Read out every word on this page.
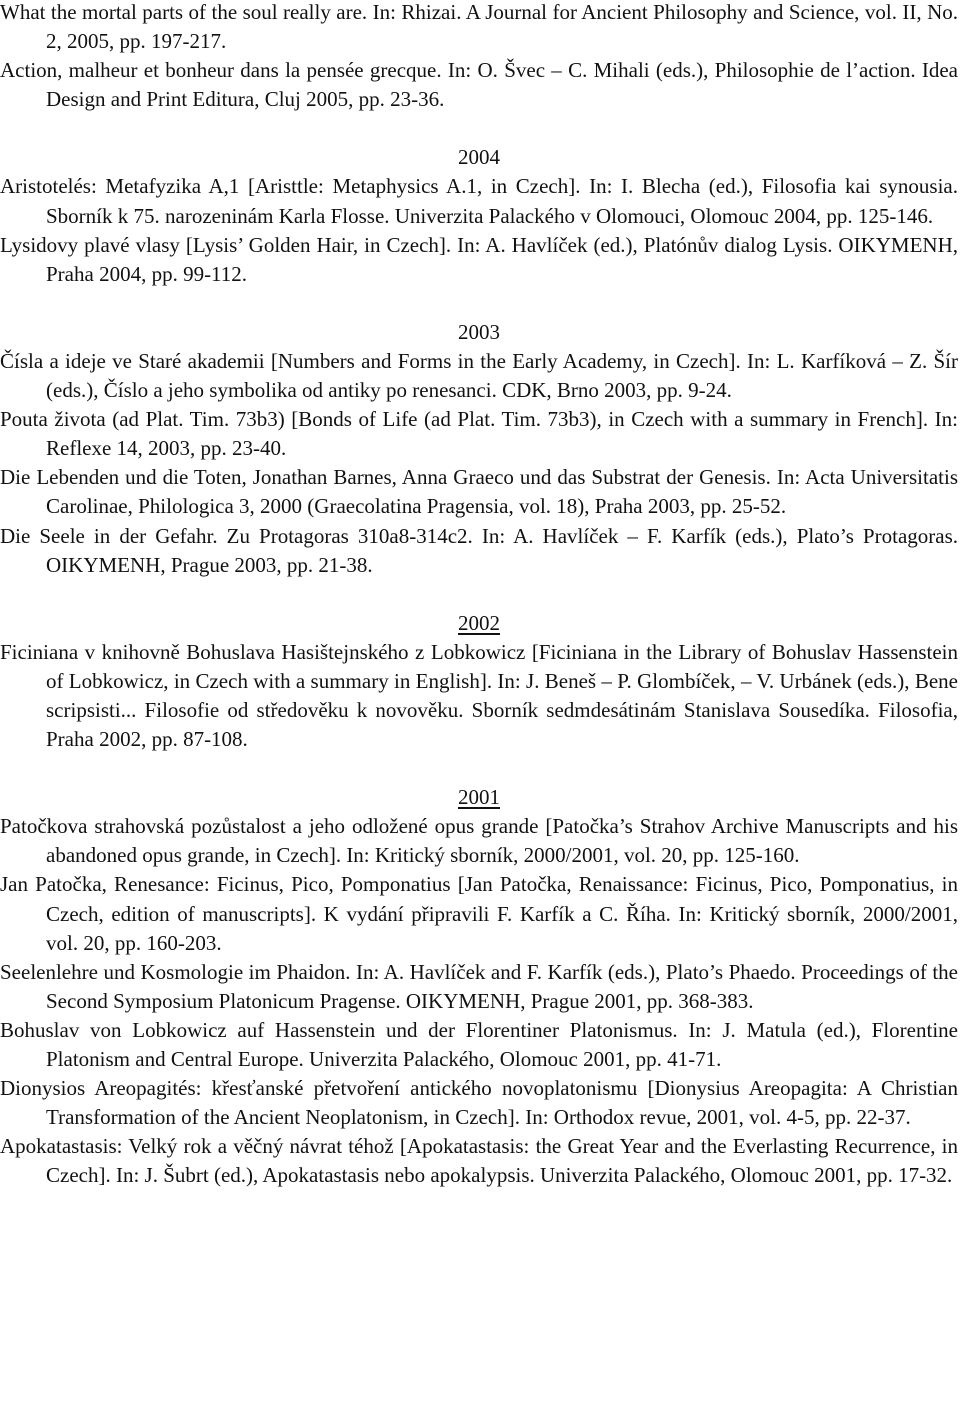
What the mortal parts of the soul really are. In: Rhizai. A Journal for Ancient Philosophy and Science, vol. II, No. 2, 2005, pp. 197-217.

Action, malheur et bonheur dans la pensée grecque. In: O. Švec – C. Mihali (eds.), Philosophie de l’action. Idea Design and Print Editura, Cluj 2005, pp. 23-36.

2004

Aristotelés: Metafyzika A,1 [Aristtle: Metaphysics A.1, in Czech]. In: I. Blecha (ed.), Filosofia kai synousia. Sborník k 75. narozeninám Karla Flosse. Univerzita Palackého v Olomouci, Olomouc 2004, pp. 125-146.

Lysidovy plavé vlasy [Lysis’ Golden Hair, in Czech]. In: A. Havlíček (ed.), Platónův dialog Lysis. OIKYMENH, Praha 2004, pp. 99-112.

2003

Čísla a ideje ve Staré akademii [Numbers and Forms in the Early Academy, in Czech]. In: L. Karfíková – Z. Šír (eds.), Číslo a jeho symbolika od antiky po renesanci. CDK, Brno 2003, pp. 9-24.

Pouta života (ad Plat. Tim. 73b3) [Bonds of Life (ad Plat. Tim. 73b3), in Czech with a summary in French]. In: Reflexe 14, 2003, pp. 23-40.

Die Lebenden und die Toten, Jonathan Barnes, Anna Graeco und das Substrat der Genesis. In: Acta Universitatis Carolinae, Philologica 3, 2000 (Graecolatina Pragensia, vol. 18), Praha 2003, pp. 25-52.

Die Seele in der Gefahr. Zu Protagoras 310a8-314c2. In: A. Havlíček – F. Karfík (eds.), Plato’s Protagoras. OIKYMENH, Prague 2003, pp. 21-38.

2002

Ficiniana v knihovně Bohuslava Hasištejnského z Lobkowicz [Ficiniana in the Library of Bohuslav Hassenstein of Lobkowicz, in Czech with a summary in English]. In: J. Beneš – P. Glombíček, – V. Urbánek (eds.), Bene scripsisti... Filosofie od středověku k novověku. Sborník sedmdesátinám Stanislava Sousedíka. Filosofia, Praha 2002, pp. 87-108.

2001

Patočkova strahovská pozůstalost a jeho odložené opus grande [Patočka’s Strahov Archive Manuscripts and his abandoned opus grande, in Czech]. In: Kritický sborník, 2000/2001, vol. 20, pp. 125-160.

Jan Patočka, Renesance: Ficinus, Pico, Pomponatius [Jan Patočka, Renaissance: Ficinus, Pico, Pomponatius, in Czech, edition of manuscripts]. K vydání připravili F. Karfík a C. Říha. In: Kritický sborník, 2000/2001, vol. 20, pp. 160-203.

Seelenlehre und Kosmologie im Phaidon. In: A. Havlíček and F. Karfík (eds.), Plato’s Phaedo. Proceedings of the Second Symposium Platonicum Pragense. OIKYMENH, Prague 2001, pp. 368-383.

Bohuslav von Lobkowicz auf Hassenstein und der Florentiner Platonismus. In: J. Matula (ed.), Florentine Platonism and Central Europe. Univerzita Palackého, Olomouc 2001, pp. 41-71.

Dionysios Areopagités: křesťanské přetvoření antického novoplatonismu [Dionysius Areopagita: A Christian Transformation of the Ancient Neoplatonism, in Czech]. In: Orthodox revue, 2001, vol. 4-5, pp. 22-37.

Apokatastasis: Velký rok a věčný návrat téhož [Apokatastasis: the Great Year and the Everlasting Recurrence, in Czech]. In: J. Šubrt (ed.), Apokatastasis nebo apokalypsis. Univerzita Palackého, Olomouc 2001, pp. 17-32.
